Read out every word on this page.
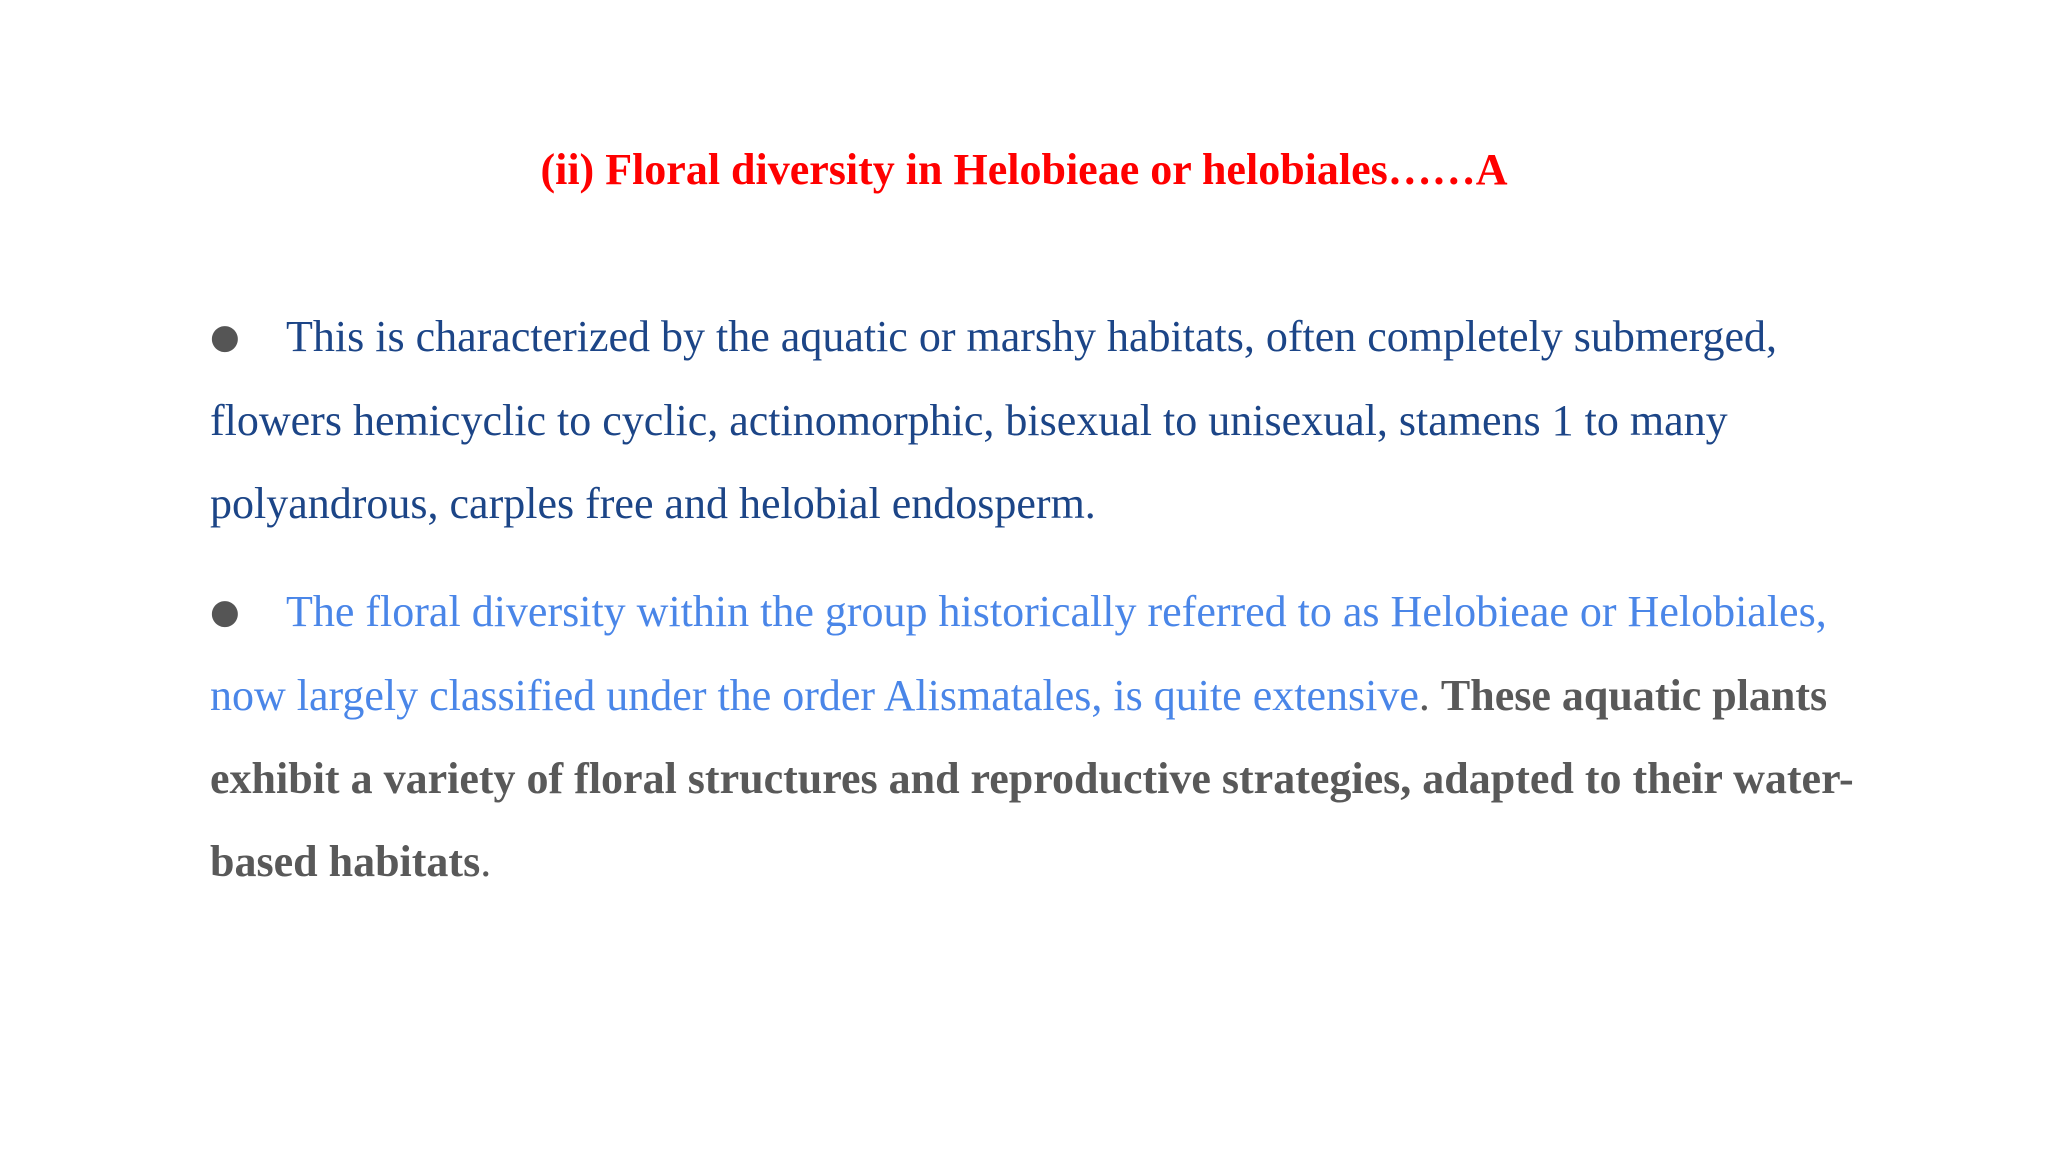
(ii) Floral diversity in Helobieae or helobiales……A

● This is characterized by the aquatic or marshy habitats, often completely submerged, flowers hemicyclic to cyclic, actinomorphic, bisexual to unisexual, stamens 1 to many polyandrous, carples free and helobial endosperm.

● The floral diversity within the group historically referred to as Helobieae or Helobiales, now largely classified under the order Alismatales, is quite extensive. These aquatic plants exhibit a variety of floral structures and reproductive strategies, adapted to their water-based habitats.
